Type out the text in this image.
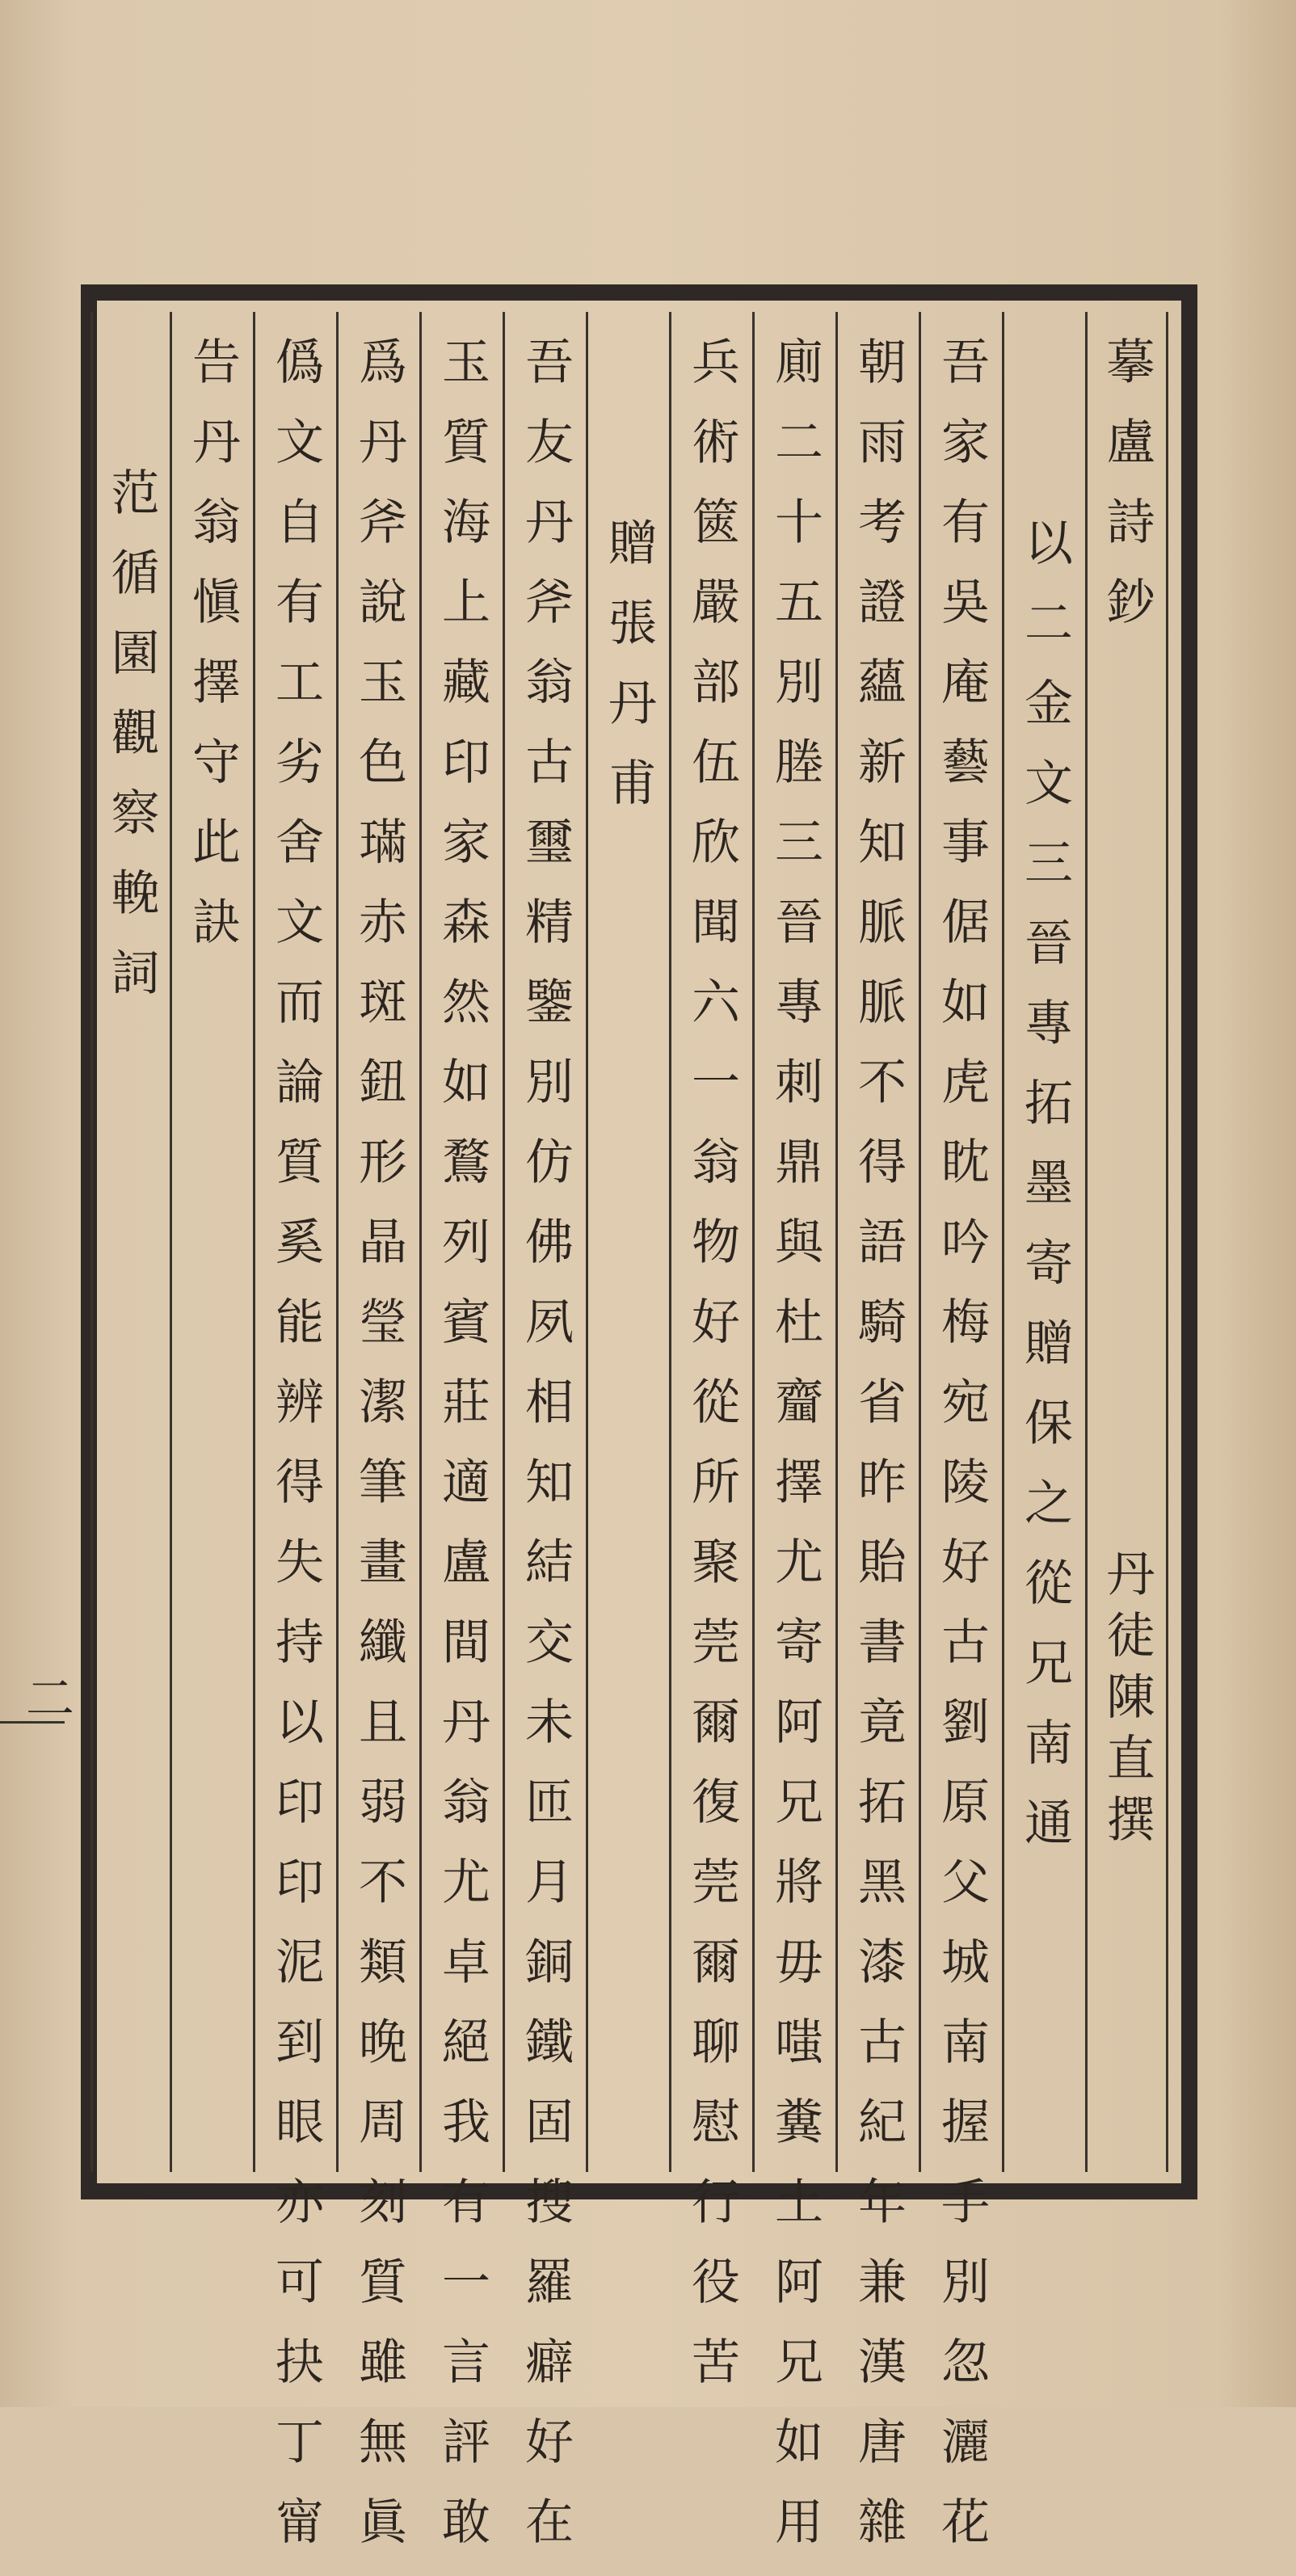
二
摹盧詩鈔
丹徒陳直撰
以二金文三晉專拓墨寄贈保之從兄南通
吾家有吳庵藝事倨如虎眈吟梅宛陵好古劉原父城南握手別忽灑花
朝雨考證蘊新知脈脈不得語騎省昨貽書竟拓黑漆古紀年兼漢唐雜
廁二十五別塍三晉專刺鼎與杜齏擇尤寄阿兄將毋嗤糞土阿兄如用
兵術篋嚴部伍欣聞六一翁物好從所聚莞爾復莞爾聊慰行役苦
贈張丹甫
吾友丹斧翁古璽精鑒別仿佛夙相知結交未匝月銅鐵固搜羅癖好在
玉質海上藏印家森然如鶩列賓莊適盧間丹翁尤卓絕我有一言評敢
爲丹斧說玉色璊赤斑鈕形晶瑩潔筆畫纖且弱不類晚周刻質雖無眞
僞文自有工劣舍文而論質奚能辨得失持以印印泥到眼亦可抉丁甯
告丹翁愼擇守此訣
范循園觀察輓詞
